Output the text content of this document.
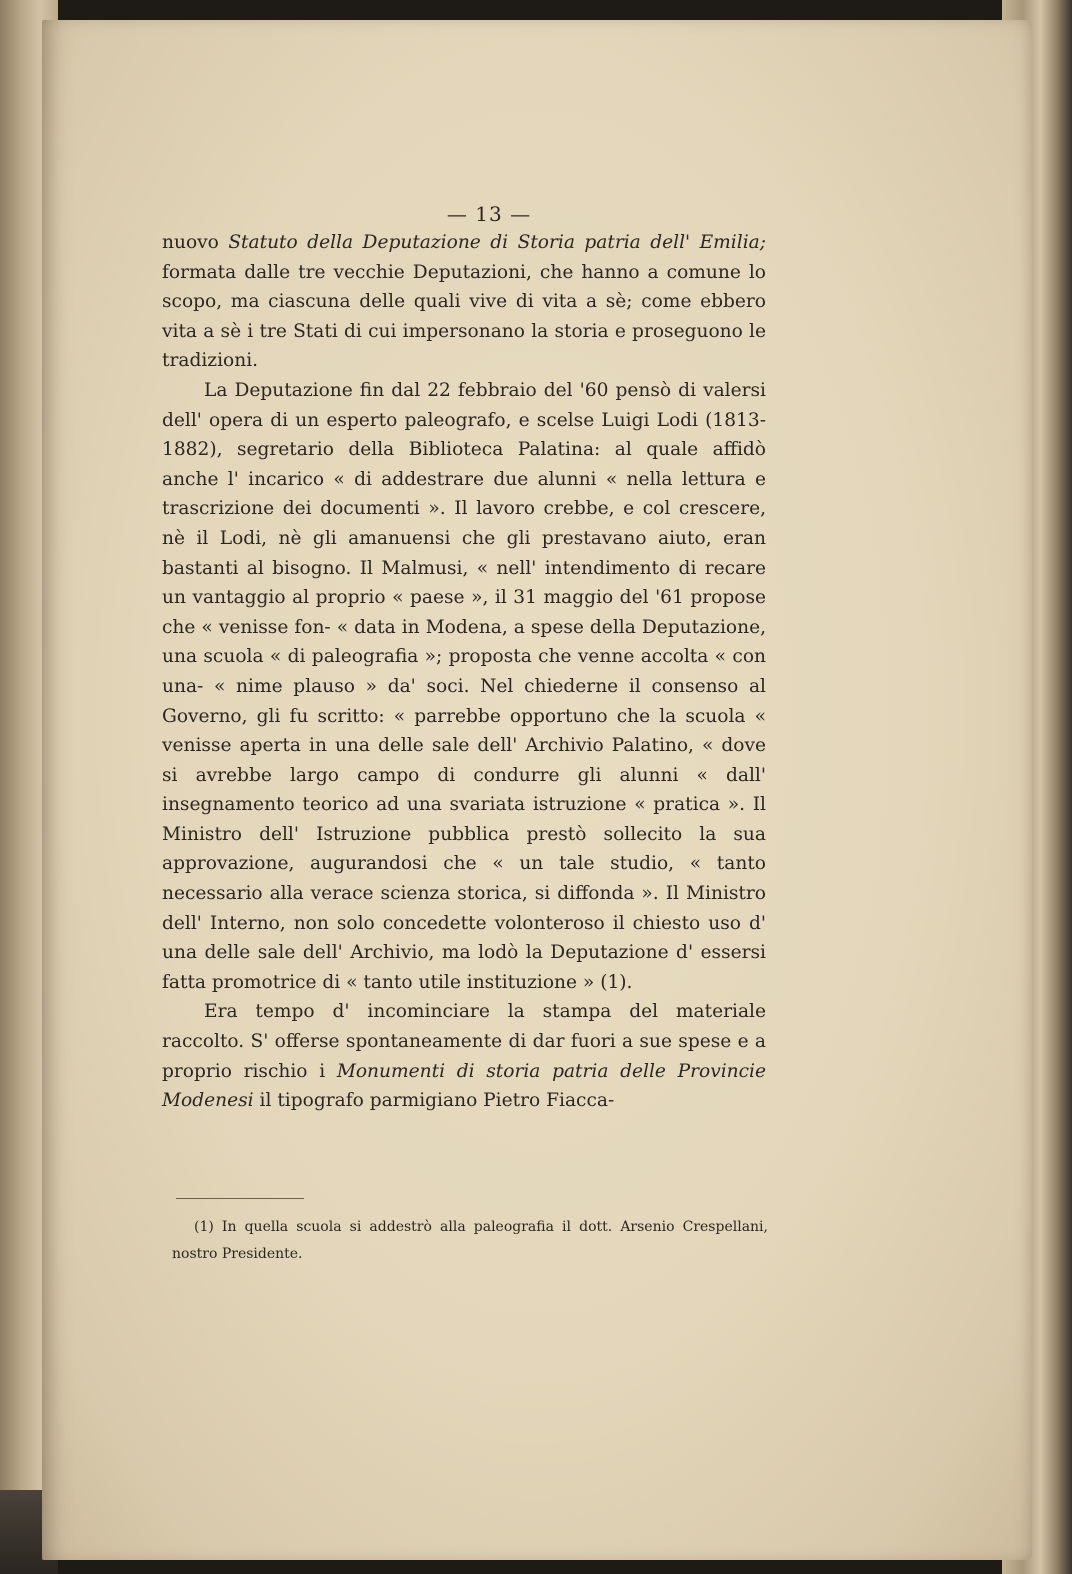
— 13 —

nuovo Statuto della Deputazione di Storia patria dell' Emilia; formata dalle tre vecchie Deputazioni, che hanno a comune lo scopo, ma ciascuna delle quali vive di vita a sè; come ebbero vita a sè i tre Stati di cui impersonano la storia e proseguono le tradizioni.

La Deputazione fin dal 22 febbraio del '60 pensò di valersi dell' opera di un esperto paleografo, e scelse Luigi Lodi (1813-1882), segretario della Biblioteca Palatina: al quale affidò anche l' incarico « di addestrare due alunni « nella lettura e trascrizione dei documenti ». Il lavoro crebbe, e col crescere, nè il Lodi, nè gli amanuensi che gli prestavano aiuto, eran bastanti al bisogno. Il Malmusi, « nell' intendimento di recare un vantaggio al proprio « paese », il 31 maggio del '61 propose che « venisse fon- « data in Modena, a spese della Deputazione, una scuola « di paleografia »; proposta che venne accolta « con una- « nime plauso » da' soci. Nel chiederne il consenso al Governo, gli fu scritto: « parrebbe opportuno che la scuola « venisse aperta in una delle sale dell' Archivio Palatino, « dove si avrebbe largo campo di condurre gli alunni « dall' insegnamento teorico ad una svariata istruzione « pratica ». Il Ministro dell' Istruzione pubblica prestò sollecito la sua approvazione, augurandosi che « un tale studio, « tanto necessario alla verace scienza storica, si diffonda ». Il Ministro dell' Interno, non solo concedette volonteroso il chiesto uso d' una delle sale dell' Archivio, ma lodò la Deputazione d' essersi fatta promotrice di « tanto utile instituzione » (1).

Era tempo d' incominciare la stampa del materiale raccolto. S' offerse spontaneamente di dar fuori a sue spese e a proprio rischio i Monumenti di storia patria delle Provincie Modenesi il tipografo parmigiano Pietro Fiacca-

(1) In quella scuola si addestrò alla paleografia il dott. Arsenio Crespellani, nostro Presidente.
